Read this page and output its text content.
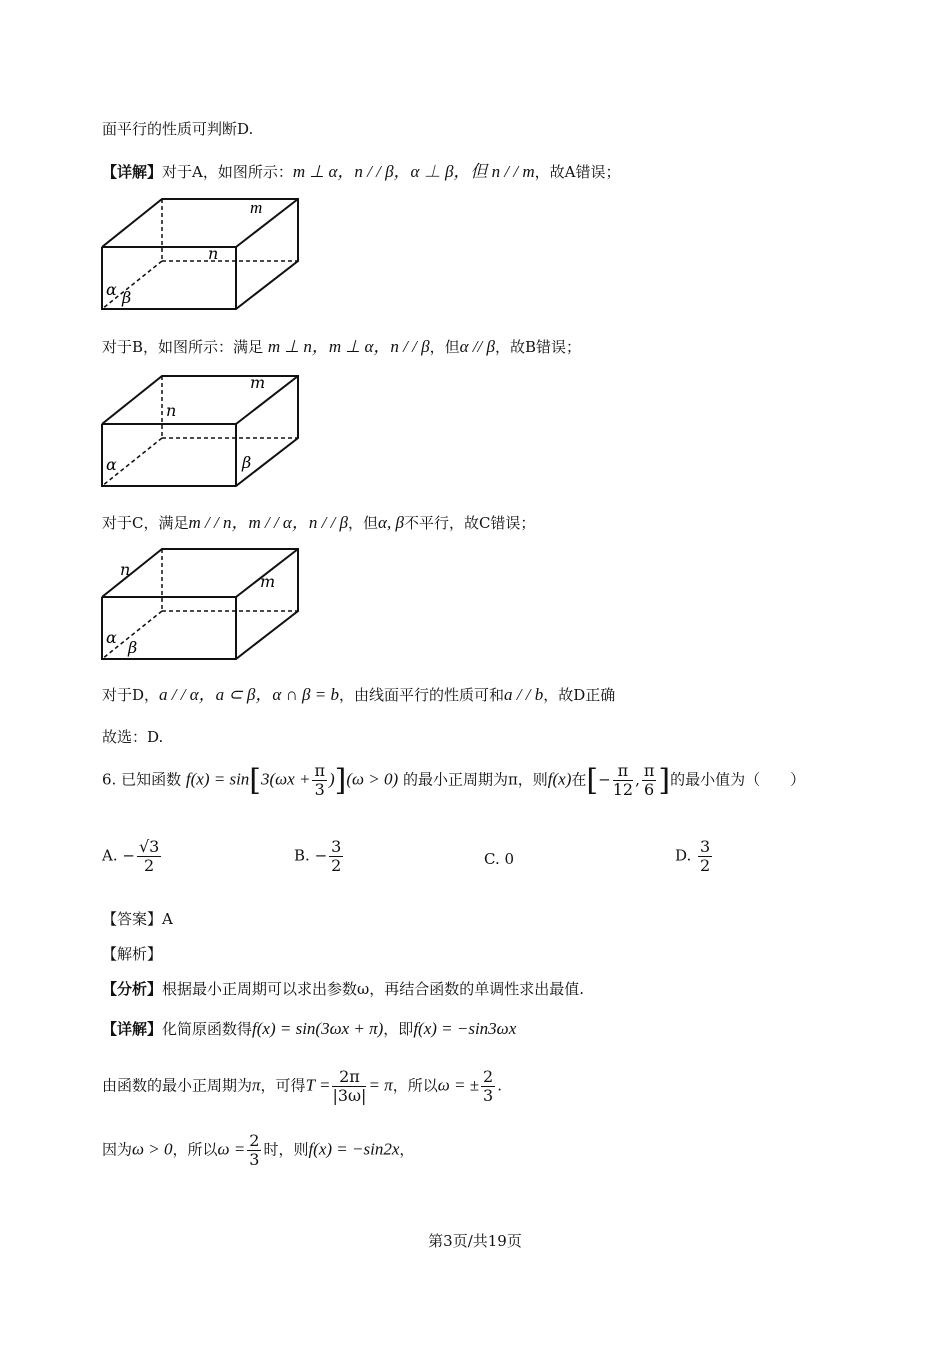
面平行的性质可判断D.
【详解】对于A，如图所示：m ⊥ α，n / / β，α ⊥ β，但 n / / m，故A错误；
m
n
α β
对于B，如图所示：满足 m ⊥ n，m ⊥ α，n / / β，但α // β，故B错误；
m
n
α	β
对于C，满足m / / n，m / / α，n / / β，但α, β不平行，故C错误；
n
m
α
β
对于D，a / / α，a ⊂ β，α ∩ β = b，由线面平行的性质可和a / / b，故D正确
故选：D.
6. 已知函数 $f(x) = \sin[3(\omega x + \frac{\pi}{3} )](\omega > 0)$ 的最小正周期为π，则f(x)在[− $\frac{\pi}{12}$ , $\frac{\pi}{6}$ ]的最小值为（　　）
A. − $\frac{√3}{2}$	B. − $\frac{3}{2}$	C. 0	D. $\frac{3}{2}$
【答案】A
【解析】
【分析】根据最小正周期可以求出参数ω，再结合函数的单调性求出最值.
【详解】化简原函数得f(x) = sin(3ωx + π)，即f(x) = −sin3ωx
由函数的最小正周期为π，可得$T = \frac{2\pi}{|3\omega|} = \pi$，所以ω = ± $\frac{2}{3}$ .
因为ω > 0，所以$\omega = \frac{2}{3}$ 时，则f(x) = −sin2x，
第3页/共19页
